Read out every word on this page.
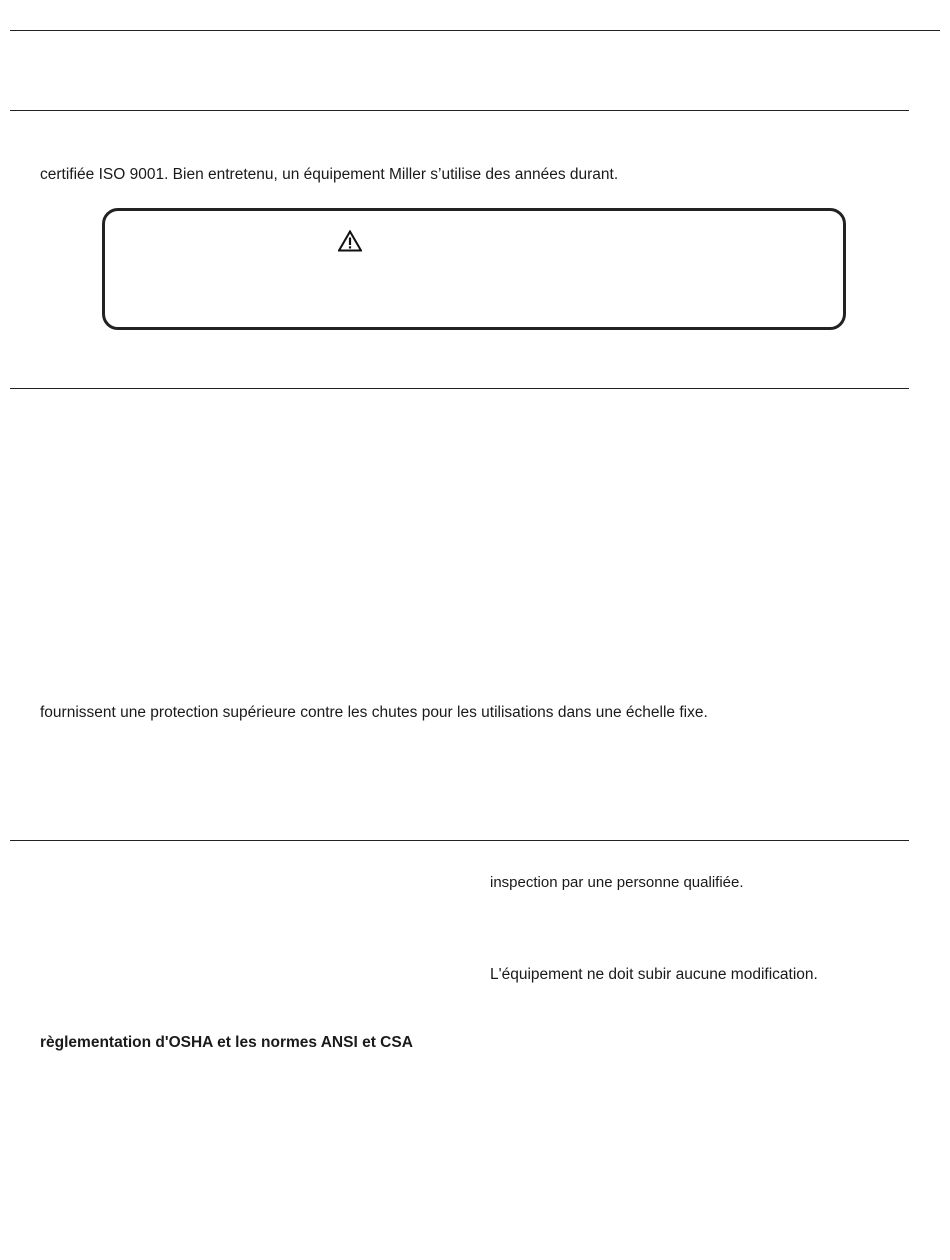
certifiée ISO 9001. Bien entretenu, un équipement Miller s’utilise des années durant.
fournissent une protection supérieure contre les chutes pour les utilisations dans une échelle fixe.
inspection par une personne qualifiée.
L'équipement ne doit subir aucune modification.
règlementation d'OSHA et les normes ANSI et CSA
